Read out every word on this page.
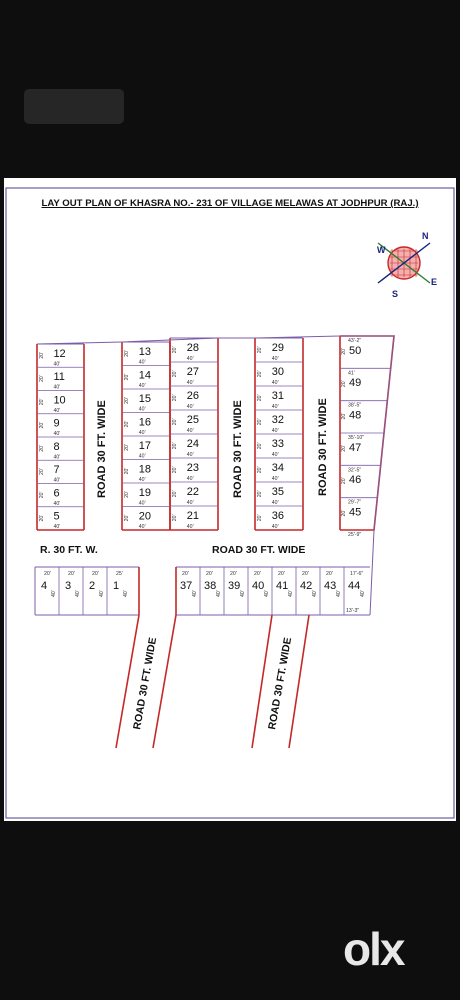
12
40'
20'
11
40'
20'
10
40'
20'
9
40'
20'
8
40'
20'
7
40'
20'
6
40'
20'
5
40'
20'
13
40'
20'
14
40'
20'
15
40'
20'
16
40'
20'
17
40'
20'
18
40'
20'
19
40'
20'
20
40'
20'
28
40'
20'
27
40'
20'
26
40'
20'
25
40'
20'
24
40'
20'
23
40'
20'
22
40'
20'
21
40'
20'
29
40'
20'
30
40'
20'
31
40'
20'
32
40'
20'
33
40'
20'
34
40'
20'
35
40'
20'
36
40'
20'
50
20'
49
20'
48
20'
47
20'
46
20'
45
20'
43'-2"
41'
38'-5"
35'-10"
32'-5"
29'-7"
25'-9"
ROAD 30 FT. WIDE	ROAD 30 FT. WIDE	ROAD 30 FT. WIDE
R. 30 FT. W.	ROAD 30 FT. WIDE
20'
4
40'
20'
3
40'
20'
2
40'
25'
1
40'
20'
37
40'
20'
38
40'
20'
39
40'
20'
40
40'
20'
41
40'
20'
42
40'
20'
43
40'
17'-6"
44
40'
13'-3"
ROAD 30 FT. WIDE	ROAD 30 FT. WIDE
N
W
E
S
LAY OUT PLAN OF KHASRA NO.- 231 OF VILLAGE MELAWAS AT JODHPUR (RAJ.)
olx
